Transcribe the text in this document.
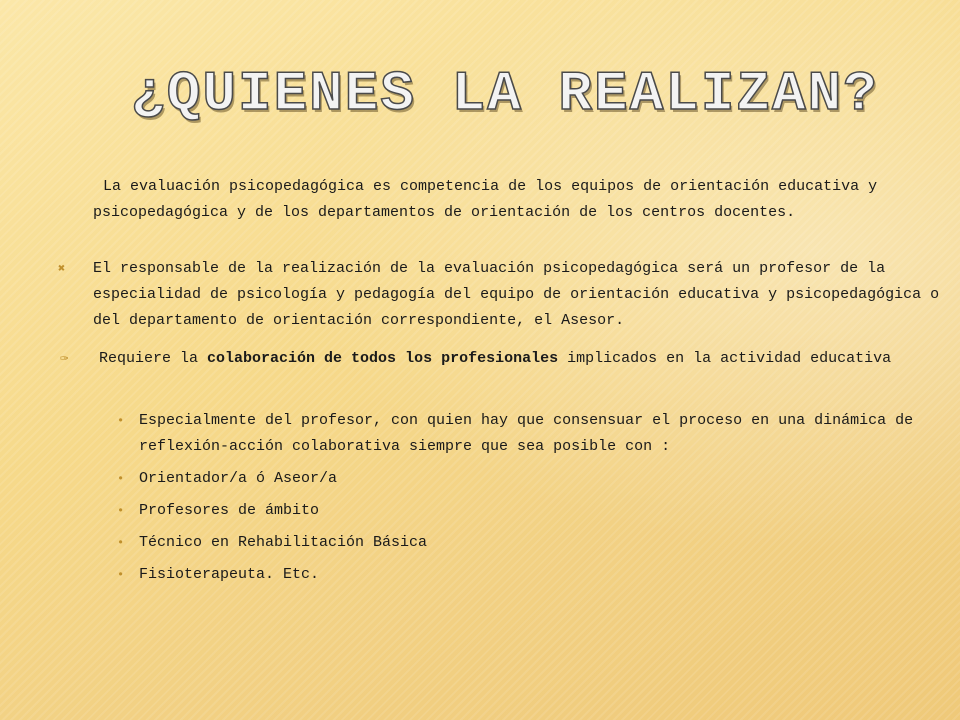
¿QUIENES LA REALIZAN?

La evaluación psicopedagógica es competencia de los equipos de orientación educativa y psicopedagógica y de los departamentos de orientación de los centros docentes.

✖ El responsable de la realización de la evaluación psicopedagógica será un profesor de la especialidad de psicología y pedagogía del equipo de orientación educativa y psicopedagógica o del departamento de orientación correspondiente, el Asesor.

✑ Requiere la colaboración de todos los profesionales implicados en la actividad educativa

• Especialmente del profesor, con quien hay que consensuar el proceso en una dinámica de reflexión-acción colaborativa siempre que sea posible con :
• Orientador/a ó Aseor/a
• Profesores de ámbito
• Técnico en Rehabilitación Básica
• Fisioterapeuta. Etc.
